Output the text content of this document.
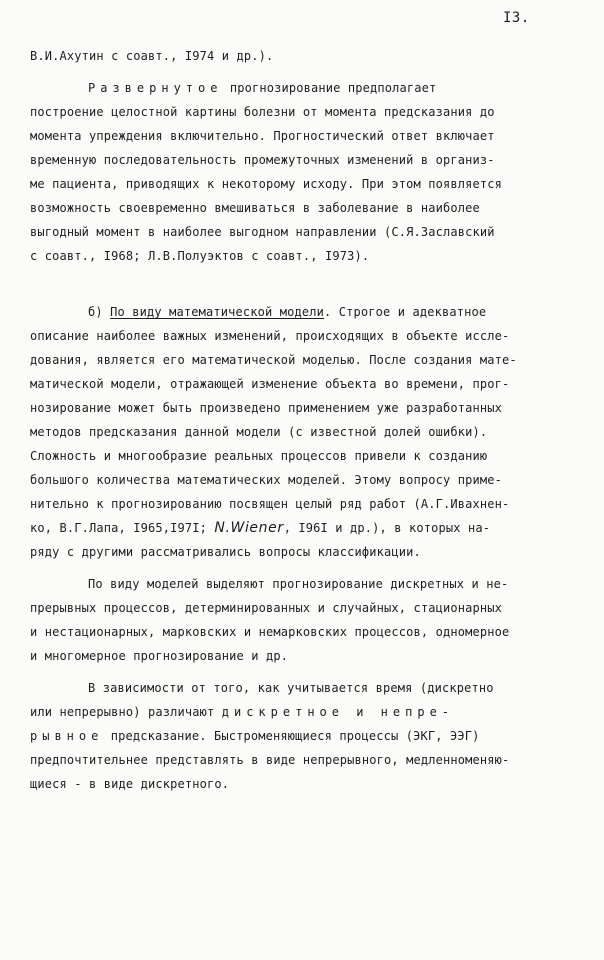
I3.
В.И.Ахутин с соавт., I974 и др.).
Развернутое прогнозирование предполагает
построение целостной картины болезни от момента предсказания до
момента упреждения включительно. Прогностический ответ включает
временную последовательность промежуточных изменений в организ-
ме пациента, приводящих к некоторому исходу. При этом появляется
возможность своевременно вмешиваться в заболевание в наиболее
выгодный момент в наиболее выгодном направлении (С.Я.Заславский
с соавт., I968; Л.В.Полуэктов с соавт., I973).
б) По виду математической модели. Строгое и адекватное
описание наиболее важных изменений, происходящих в объекте иссле-
дования, является его математической моделью. После создания мате-
матической модели, отражающей изменение объекта во времени, прог-
нозирование может быть произведено применением уже разработанных
методов предсказания данной модели (с известной долей ошибки).
Сложность и многообразие реальных процессов привели к созданию
большого количества математических моделей. Этому вопросу приме-
нительно к прогнозированию посвящен целый ряд работ (А.Г.Ивахнен-
ко, В.Г.Лапа, I965,I97I; N.Wiener, I96I и др.), в которых на-
ряду с другими рассматривались вопросы классификации.
По виду моделей выделяют прогнозирование дискретных и не-
прерывных процессов, детерминированных и случайных, стационарных
и нестационарных, марковских и немарковских процессов, одномерное
и многомерное прогнозирование и др.
В зависимости от того, как учитывается время (дискретно
или непрерывно) различают дискретное и непре-
рывное предсказание. Быстроменяющиеся процессы (ЭКГ, ЭЭГ)
предпочтительнее представлять в виде непрерывного, медленноменяю-
щиеся - в виде дискретного.
